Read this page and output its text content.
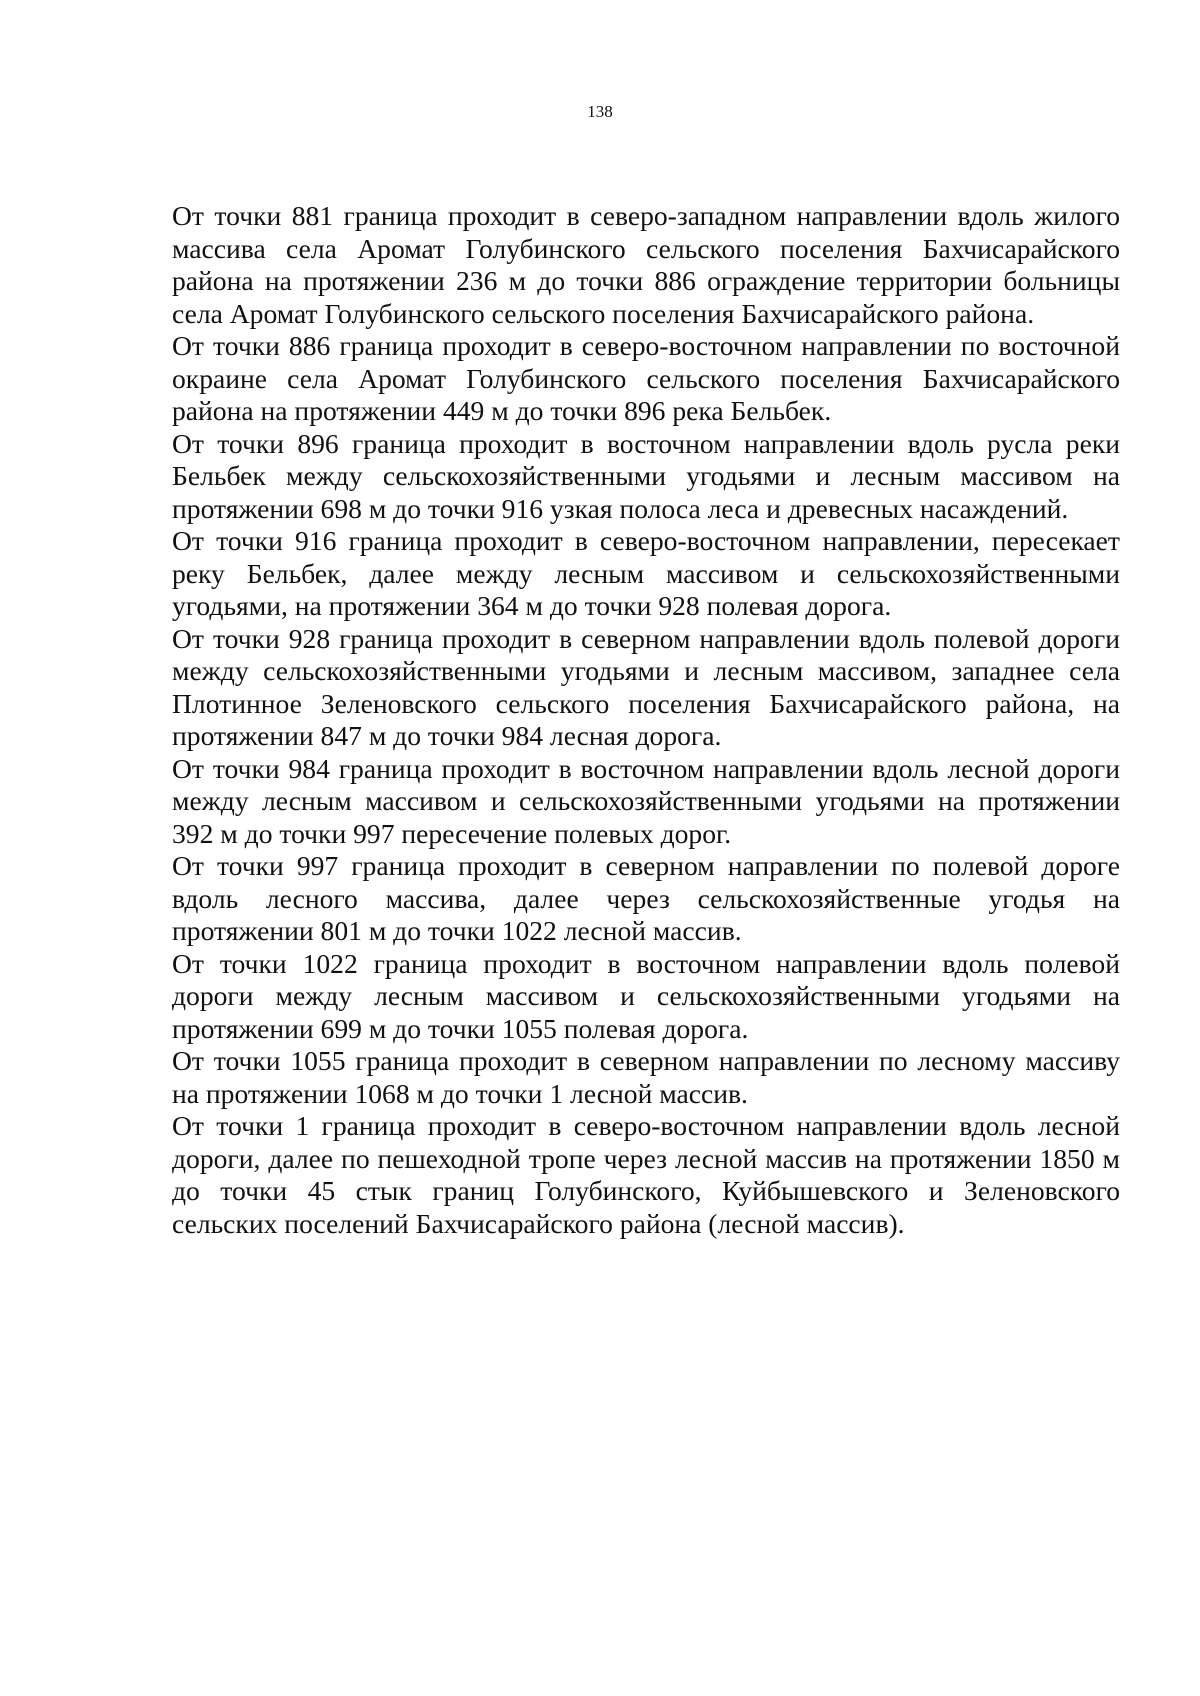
138

От точки 881 граница проходит в северо-западном направлении вдоль жилого массива села Аромат Голубинского сельского поселения Бахчисарайского района на протяжении 236 м до точки 886 ограждение территории больницы села Аромат Голубинского сельского поселения Бахчисарайского района.

От точки 886 граница проходит в северо-восточном направлении по восточной окраине села Аромат Голубинского сельского поселения Бахчисарайского района на протяжении 449 м до точки 896 река Бельбек.

От точки 896 граница проходит в восточном направлении вдоль русла реки Бельбек между сельскохозяйственными угодьями и лесным массивом на протяжении 698 м до точки 916 узкая полоса леса и древесных насаждений.

От точки 916 граница проходит в северо-восточном направлении, пересекает реку Бельбек, далее между лесным массивом и сельскохозяйственными угодьями, на протяжении 364 м до точки 928 полевая дорога.

От точки 928 граница проходит в северном направлении вдоль полевой дороги между сельскохозяйственными угодьями и лесным массивом, западнее села Плотинное Зеленовского сельского поселения Бахчисарайского района, на протяжении 847 м до точки 984 лесная дорога.

От точки 984 граница проходит в восточном направлении вдоль лесной дороги между лесным массивом и сельскохозяйственными угодьями на протяжении 392 м до точки 997 пересечение полевых дорог.

От точки 997 граница проходит в северном направлении по полевой дороге вдоль лесного массива, далее через сельскохозяйственные угодья на протяжении 801 м до точки 1022 лесной массив.

От точки 1022 граница проходит в восточном направлении вдоль полевой дороги между лесным массивом и сельскохозяйственными угодьями на протяжении 699 м до точки 1055 полевая дорога.

От точки 1055 граница проходит в северном направлении по лесному массиву на протяжении 1068 м до точки 1 лесной массив.

От точки 1 граница проходит в северо-восточном направлении вдоль лесной дороги, далее по пешеходной тропе через лесной массив на протяжении 1850 м до точки 45 стык границ Голубинского, Куйбышевского и Зеленовского сельских поселений Бахчисарайского района (лесной массив).
